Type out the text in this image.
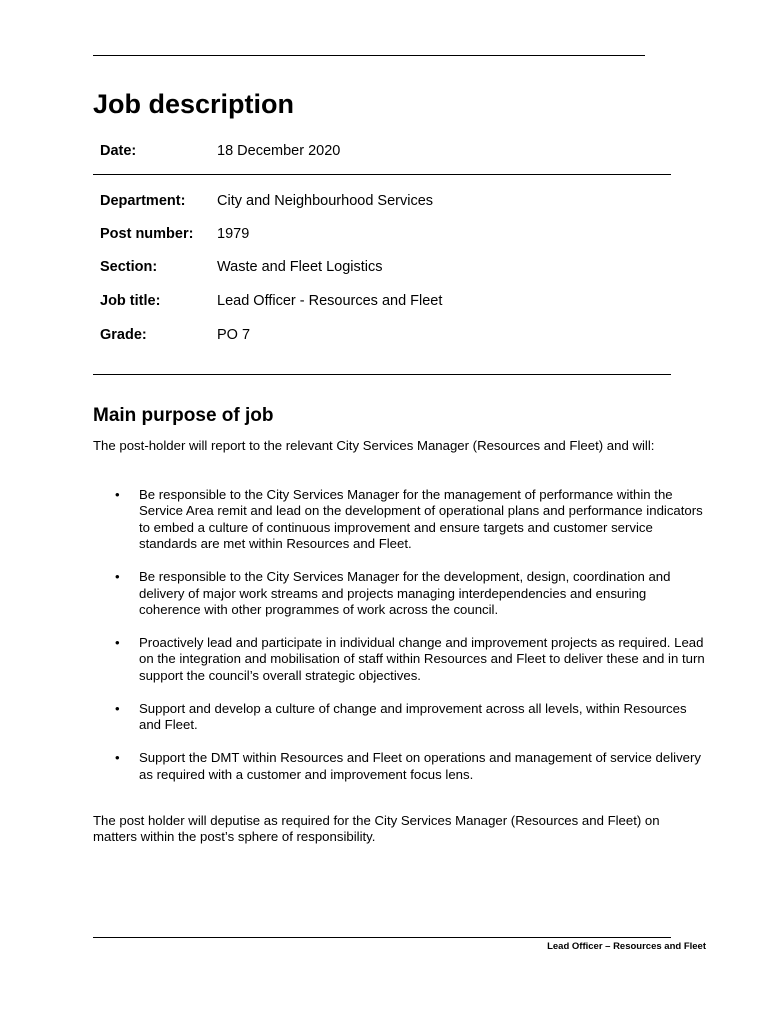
Job description
Date:	18 December 2020
Department: City and Neighbourhood Services
Post number: 1979
Section:	Waste and Fleet Logistics
Job title:	Lead Officer - Resources and Fleet
Grade:	PO 7
Main purpose of job

The post-holder will report to the relevant City Services Manager (Resources and Fleet) and will:

• Be responsible to the City Services Manager for the management of performance within the Service Area remit and lead on the development of operational plans and performance indicators to embed a culture of continuous improvement and ensure targets and customer service standards are met within Resources and Fleet.
• Be responsible to the City Services Manager for the development, design, coordination and delivery of major work streams and projects managing interdependencies and ensuring coherence with other programmes of work across the council.
• Proactively lead and participate in individual change and improvement projects as required. Lead on the integration and mobilisation of staff within Resources and Fleet to deliver these and in turn support the council’s overall strategic objectives.
• Support and develop a culture of change and improvement across all levels, within Resources and Fleet.
• Support the DMT within Resources and Fleet on operations and management of service delivery as required with a customer and improvement focus lens.

The post holder will deputise as required for the City Services Manager (Resources and Fleet) on matters within the post’s sphere of responsibility.

Lead Officer – Resources and Fleet
